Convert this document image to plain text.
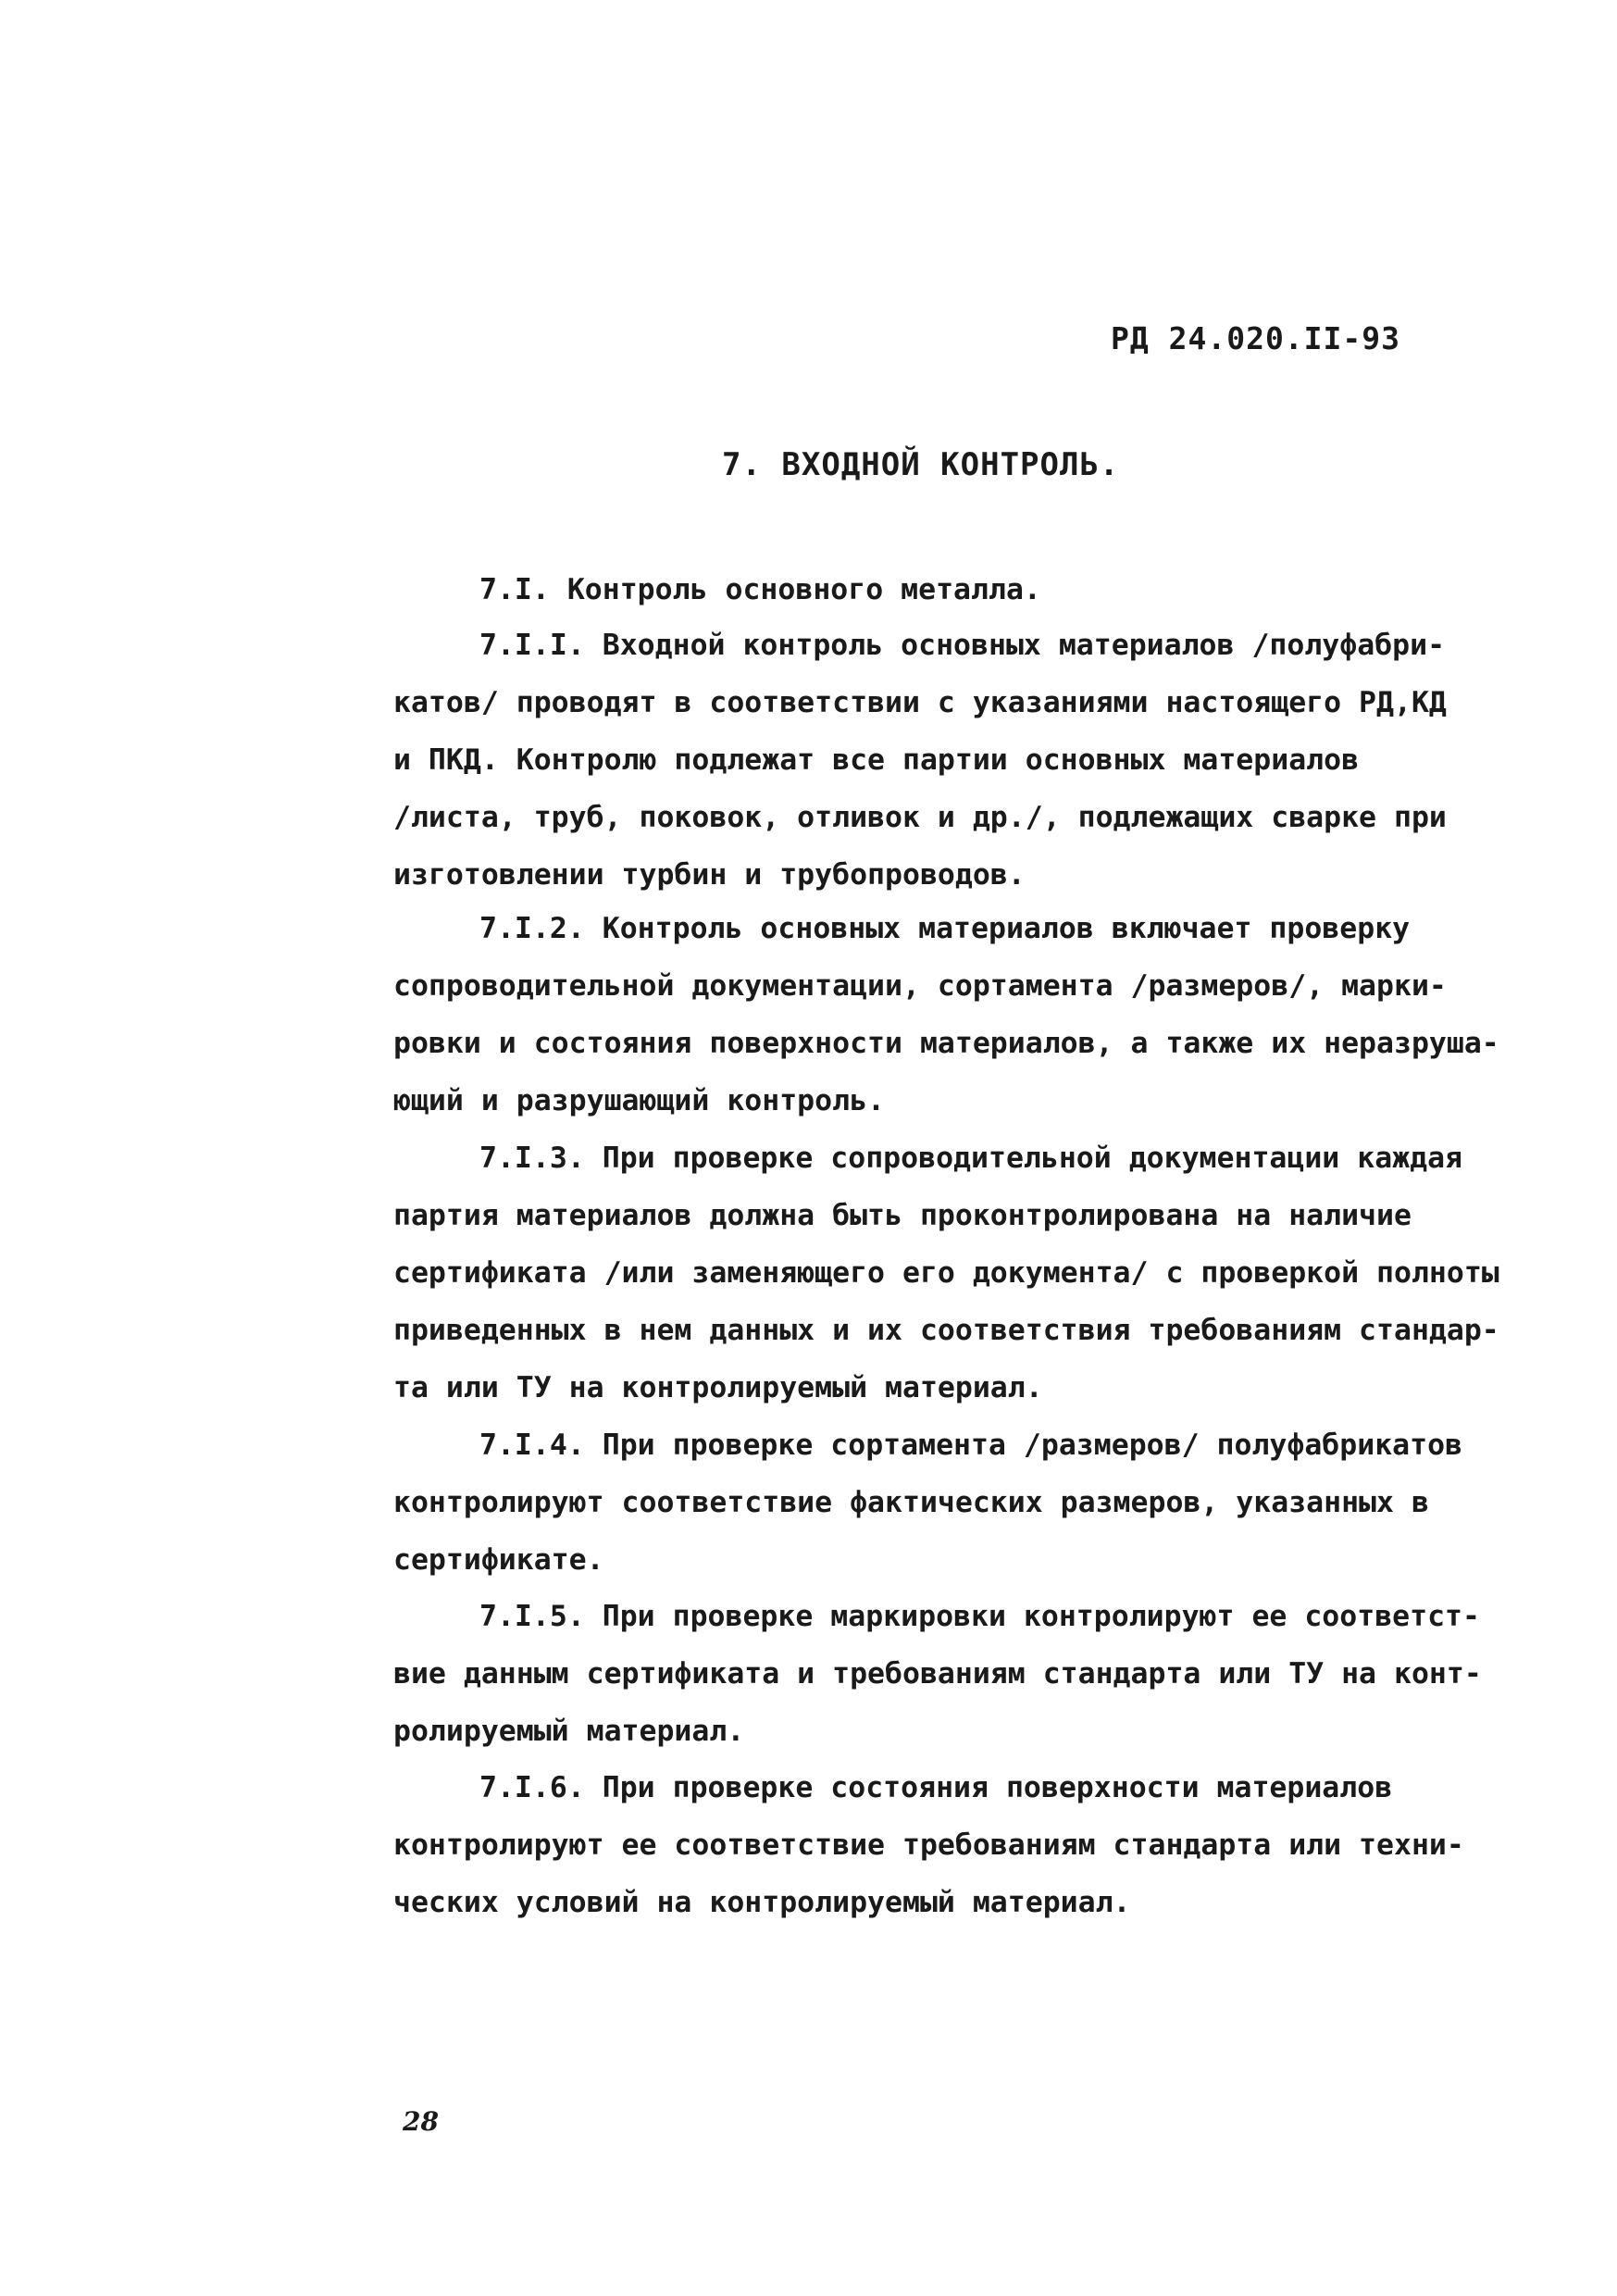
РД 24.020.II-93
7. ВХОДНОЙ КОНТРОЛЬ.
7.I. Контроль основного металла.
7.I.I. Входной контроль основных материалов /полуфабри-
катов/ проводят в соответствии с указаниями настоящего РД,КД
и ПКД. Контролю подлежат все партии основных материалов
/листа, труб, поковок, отливок и др./, подлежащих сварке при
изготовлении турбин и трубопроводов.
7.I.2. Контроль основных материалов включает проверку
сопроводительной документации, сортамента /размеров/, марки-
ровки и состояния поверхности материалов, а также их неразруша-
ющий и разрушающий контроль.
7.I.3. При проверке сопроводительной документации каждая
партия материалов должна быть проконтролирована на наличие
сертификата /или заменяющего его документа/ с проверкой полноты
приведенных в нем данных и их соответствия требованиям стандар-
та или ТУ на контролируемый материал.
7.I.4. При проверке сортамента /размеров/ полуфабрикатов
контролируют соответствие фактических размеров, указанных в
сертификате.
7.I.5. При проверке маркировки контролируют ее соответст-
вие данным сертификата и требованиям стандарта или ТУ на конт-
ролируемый материал.
7.I.6. При проверке состояния поверхности материалов
контролируют ее соответствие требованиям стандарта или техни-
ческих условий на контролируемый материал.
28
